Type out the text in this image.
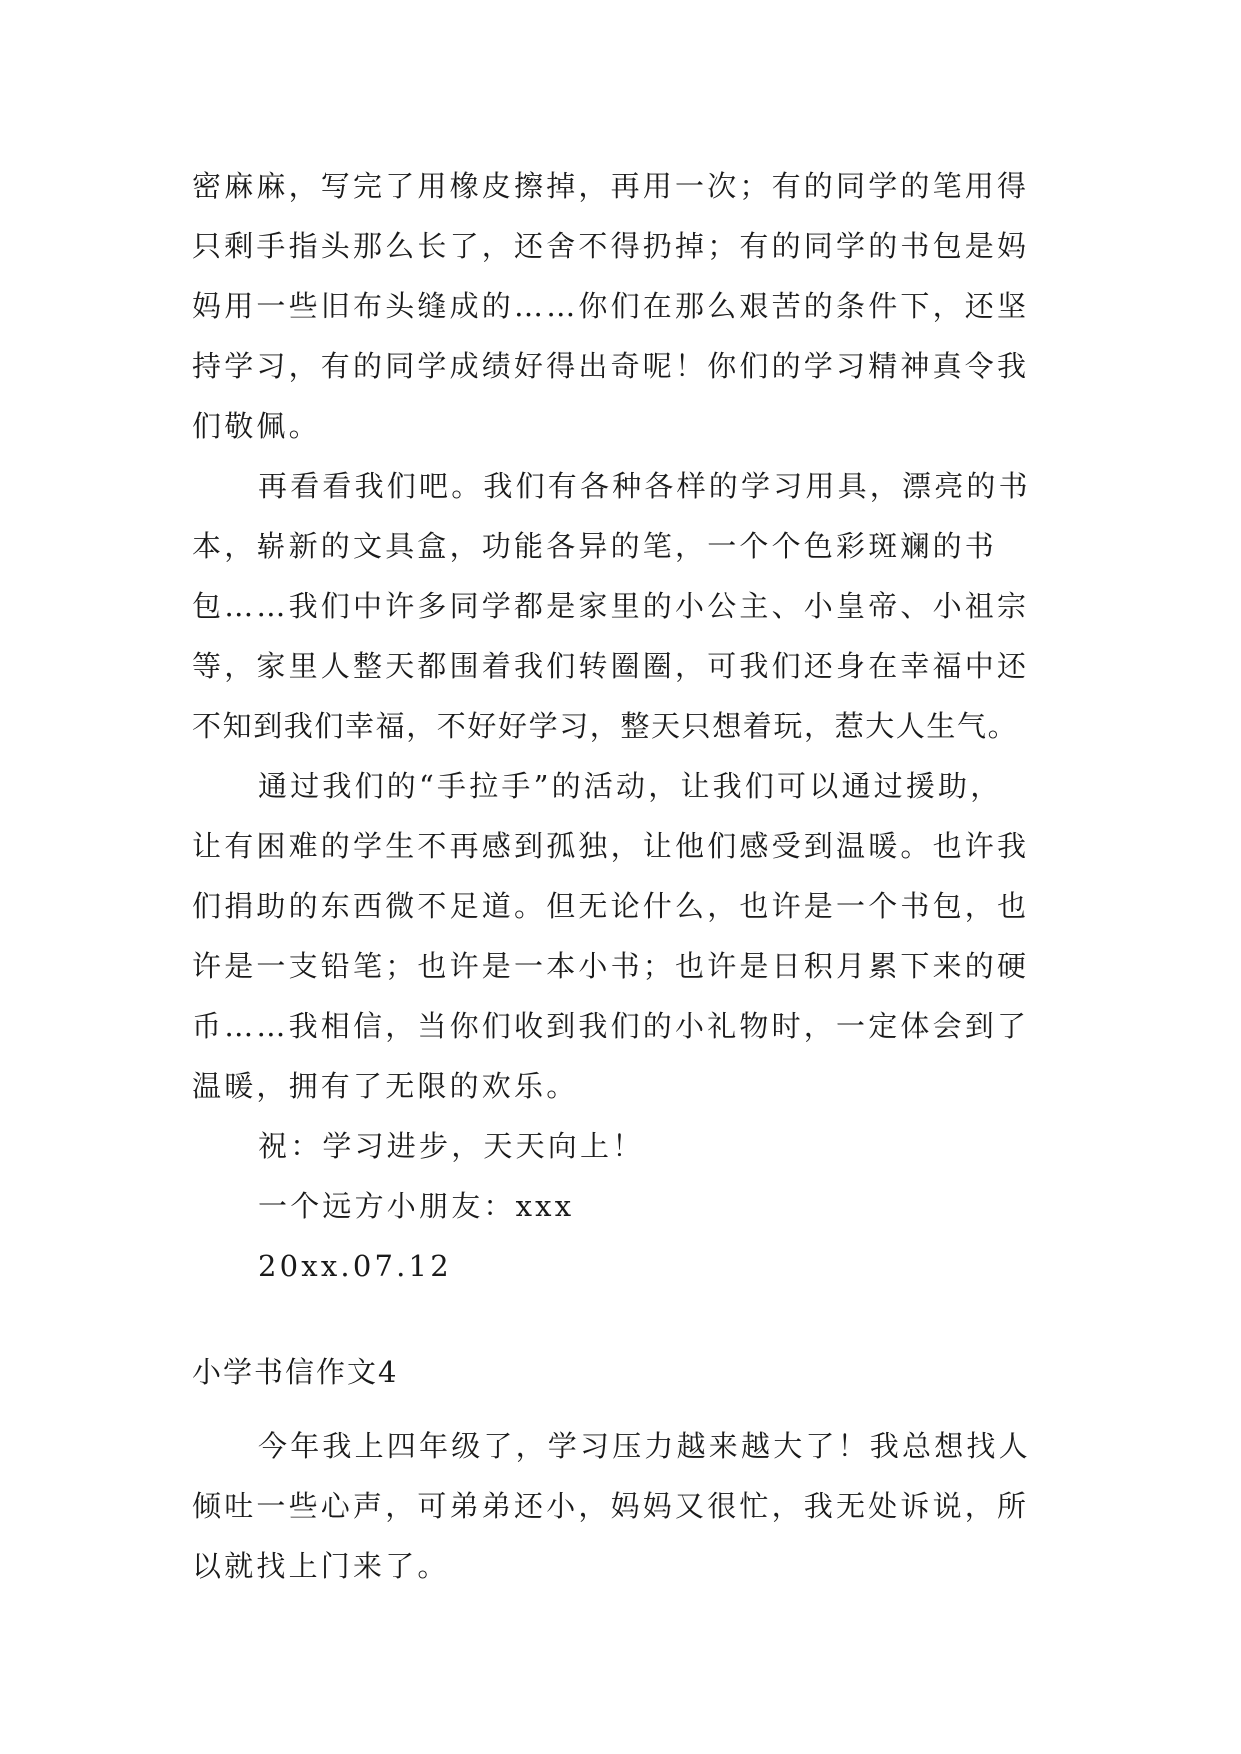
密麻麻，写完了用橡皮擦掉，再用一次；有的同学的笔用得
只剩手指头那么长了，还舍不得扔掉；有的同学的书包是妈
妈用一些旧布头缝成的……你们在那么艰苦的条件下，还坚
持学习，有的同学成绩好得出奇呢！你们的学习精神真令我
们敬佩。
再看看我们吧。我们有各种各样的学习用具，漂亮的书
本，崭新的文具盒，功能各异的笔，一个个色彩斑斓的书
包……我们中许多同学都是家里的小公主、小皇帝、小祖宗
等，家里人整天都围着我们转圈圈，可我们还身在幸福中还
不知到我们幸福，不好好学习，整天只想着玩，惹大人生气。
通过我们的“手拉手”的活动，让我们可以通过援助，
让有困难的学生不再感到孤独，让他们感受到温暖。也许我
们捐助的东西微不足道。但无论什么，也许是一个书包，也
许是一支铅笔；也许是一本小书；也许是日积月累下来的硬
币……我相信，当你们收到我们的小礼物时，一定体会到了
温暖，拥有了无限的欢乐。
祝：学习进步，天天向上！
一个远方小朋友：xxx
20xx.07.12
小学书信作文4
今年我上四年级了，学习压力越来越大了！我总想找人
倾吐一些心声，可弟弟还小，妈妈又很忙，我无处诉说，所
以就找上门来了。
